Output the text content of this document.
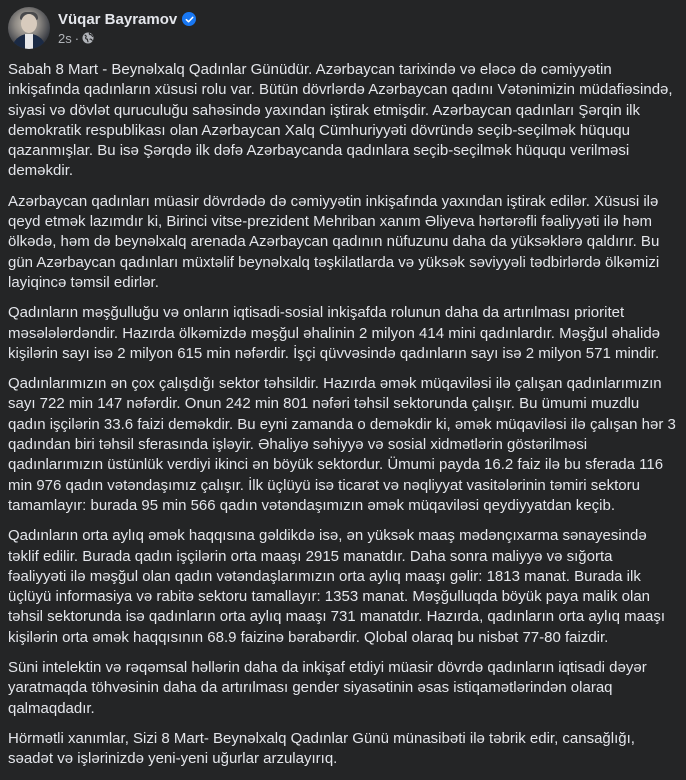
Vüqar Bayramov
2s ·

Sabah 8 Mart - Beynəlxalq Qadınlar Günüdür. Azərbaycan tarixində və eləcə də cəmiyyətin
inkişafında qadınların xüsusi rolu var. Bütün dövrlərdə Azərbaycan qadını Vətənimizin müdafiəsində,
siyasi və dövlət quruculuğu sahəsində yaxından iştirak etmişdir. Azərbaycan qadınları Şərqin ilk
demokratik respublikası olan Azərbaycan Xalq Cümhuriyyəti dövründə seçib-seçilmək hüququ
qazanmışlar. Bu isə Şərqdə ilk dəfə Azərbaycanda qadınlara seçib-seçilmək hüququ verilməsi
deməkdir.

Azərbaycan qadınları müasir dövrdədə də cəmiyyətin inkişafında yaxından iştirak edilər. Xüsusi ilə
qeyd etmək lazımdır ki, Birinci vitse-prezident Mehriban xanım Əliyeva hərtərəfli fəaliyyəti ilə həm
ölkədə, həm də beynəlxalq arenada Azərbaycan qadının nüfuzunu daha da yüksəklərə qaldırır. Bu
gün Azərbaycan qadınları müxtəlif beynəlxalq təşkilatlarda və yüksək səviyyəli tədbirlərdə ölkəmizi
layiqincə təmsil edirlər.

Qadınların məşğulluğu və onların iqtisadi-sosial inkişafda rolunun daha da artırılması prioritet
məsələlərdəndir. Hazırda ölkəmizdə məşğul əhalinin 2 milyon 414 mini qadınlardır. Məşğul əhalidə
kişilərin sayı isə 2 milyon 615 min nəfərdir. İşçi qüvvəsində qadınların sayı isə 2 milyon 571 mindir.

Qadınlarımızın ən çox çalışdığı sektor təhsildir. Hazırda əmək müqaviləsi ilə çalışan qadınlarımızın
sayı 722 min 147 nəfərdir. Onun 242 min 801 nəfəri təhsil sektorunda çalışır. Bu ümumi muzdlu
qadın işçilərin 33.6 faizi deməkdir. Bu eyni zamanda o deməkdir ki, əmək müqaviləsi ilə çalışan hər 3
qadından biri təhsil sferasında işləyir. Əhaliyə səhiyyə və sosial xidmətlərin göstərilməsi
qadınlarımızın üstünlük verdiyi ikinci ən böyük sektordur. Ümumi payda 16.2 faiz ilə bu sferada 116
min 976 qadın vətəndaşımız çalışır. İlk üçlüyü isə ticarət və nəqliyyat vasitələrinin təmiri sektoru
tamamlayır: burada 95 min 566 qadın vətəndaşımızın əmək müqaviləsi qeydiyyatdan keçib.

Qadınların orta aylıq əmək haqqısına gəldikdə isə, ən yüksək maaş mədənçıxarma sənayesində
təklif edilir. Burada qadın işçilərin orta maaşı 2915 manatdır. Daha sonra maliyyə və sığorta
fəaliyyəti ilə məşğul olan qadın vətəndaşlarımızın orta aylıq maaşı gəlir: 1813 manat. Burada ilk
üçlüyü informasiya və rabitə sektoru tamallayır: 1353 manat. Məşğulluqda böyük paya malik olan
təhsil sektorunda isə qadınların orta aylıq maaşı 731 manatdır. Hazırda, qadınların orta aylıq maaşı
kişilərin orta əmək haqqısının 68.9 faizinə bərabərdir. Qlobal olaraq bu nisbət 77-80 faizdir.

Süni intelektin və rəqəmsal həllərin daha da inkişaf etdiyi müasir dövrdə qadınların iqtisadi dəyər
yaratmaqda töhvəsinin daha da artırılması gender siyasətinin əsas istiqamətlərindən olaraq
qalmaqdadır.

Hörmətli xanımlar, Sizi 8 Mart- Beynəlxalq Qadınlar Günü münasibəti ilə təbrik edir, cansağlığı,
səadət və işlərinizdə yeni-yeni uğurlar arzulayırıq.
